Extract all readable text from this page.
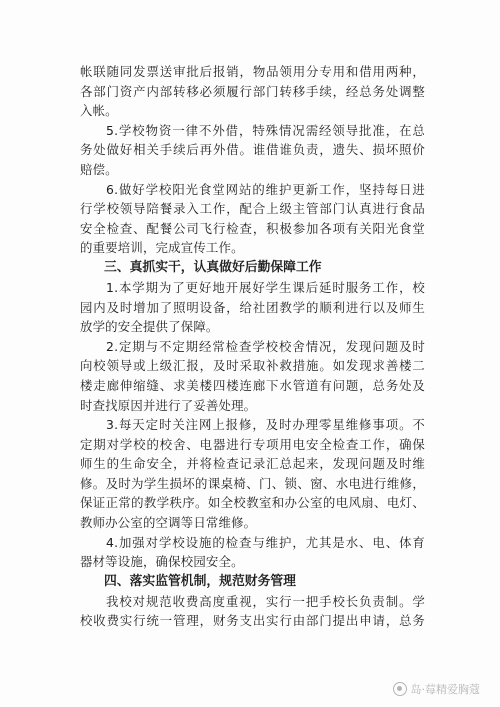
帐联随同发票送审批后报销，物品领用分专用和借用两种，
各部门资产内部转移必须履行部门转移手续，经总务处调整
入帐。
5.学校物资一律不外借，特殊情况需经领导批准，在总
务处做好相关手续后再外借。谁借谁负责，遗失、损坏照价
赔偿。
6.做好学校阳光食堂网站的维护更新工作，坚持每日进
行学校领导陪餐录入工作，配合上级主管部门认真进行食品
安全检查、配餐公司飞行检查，积极参加各项有关阳光食堂
的重要培训，完成宣传工作。
三、真抓实干，认真做好后勤保障工作
1.本学期为了更好地开展好学生课后延时服务工作，校
园内及时增加了照明设备，给社团教学的顺利进行以及师生
放学的安全提供了保障。
2.定期与不定期经常检查学校校舍情况，发现问题及时
向校领导或上级汇报，及时采取补救措施。如发现求善楼二
楼走廊伸缩缝、求美楼四楼连廊下水管道有问题，总务处及
时查找原因并进行了妥善处理。
3.每天定时关注网上报修，及时办理零星维修事项。不
定期对学校的校舍、电器进行专项用电安全检查工作，确保
师生的生命安全，并将检查记录汇总起来，发现问题及时维
修。及时为学生损坏的课桌椅、门、锁、窗、水电进行维修，
保证正常的教学秩序。如全校教室和办公室的电风扇、电灯、
教师办公室的空调等日常维修。
4.加强对学校设施的检查与维护，尤其是水、电、体育
器材等设施，确保校园安全。
四、落实监管机制，规范财务管理
我校对规范收费高度重视，实行一把手校长负责制。学
校收费实行统一管理，财务支出实行由部门提出申请，总务
岛·莓精爱胸蔻
